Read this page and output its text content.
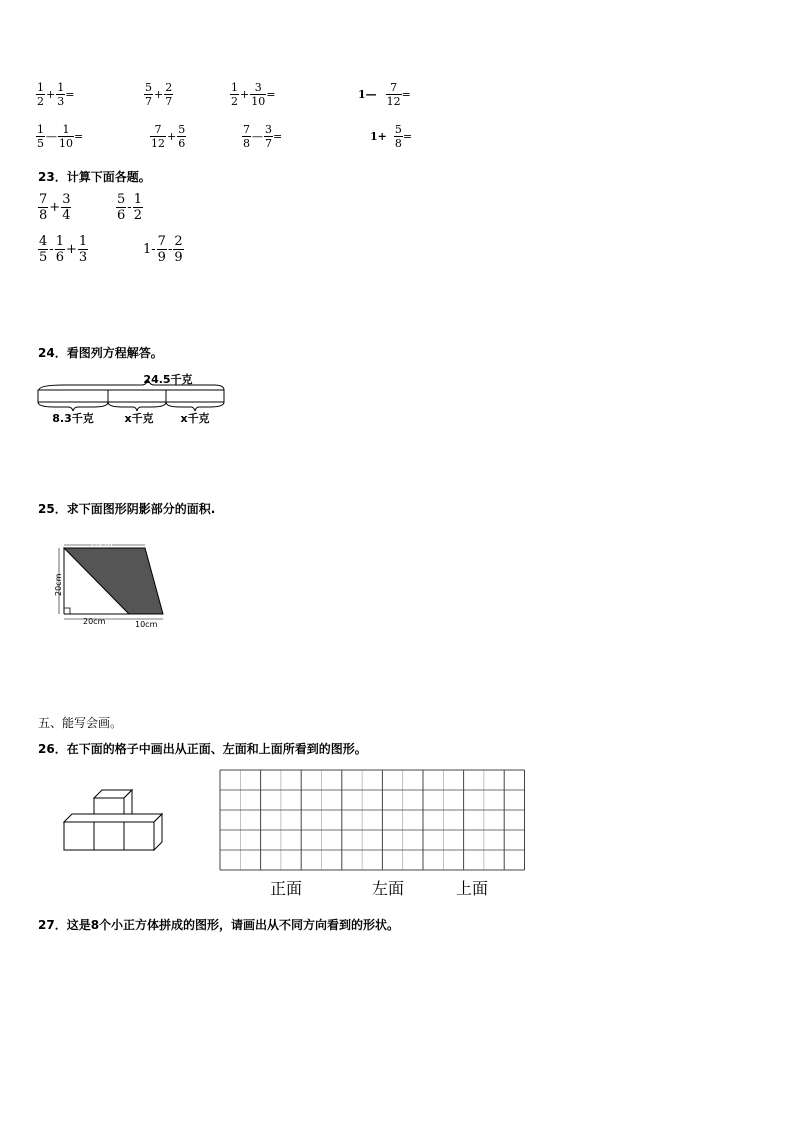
$\frac{1}{2} + \frac{1}{3}$ =	$\frac{5}{7} + \frac{2}{7}$	$\frac{1}{2} + \frac{3}{10}$ =	1— $\frac{7}{12}$ =
$\frac{1}{5}$ — $\frac{1}{10}$ =	$\frac{7}{12} + \frac{5}{6}$	$\frac{7}{8}$ — $\frac{3}{7}$ =	$1+ \frac{5}{8}$ =
23．计算下面各题。
$\frac{7}{8} + \frac{3}{4}$	$\frac{5}{6} - \frac{1}{2}$
$\frac{4}{5} - \frac{1}{6} + \frac{1}{3}$	$1- \frac{7}{9} - \frac{2}{9}$
24．看图列方程解答。
24.5千克
8.3千克	x千克 x千克
25．求下面图形阴影部分的面积.
20cm
20cm
20cm	10cm
五、能写会画。
26．在下面的格子中画出从正面、左面和上面所看到的图形。
正面	左面	上面
27．这是8个小正方体拼成的图形，请画出从不同方向看到的形状。
